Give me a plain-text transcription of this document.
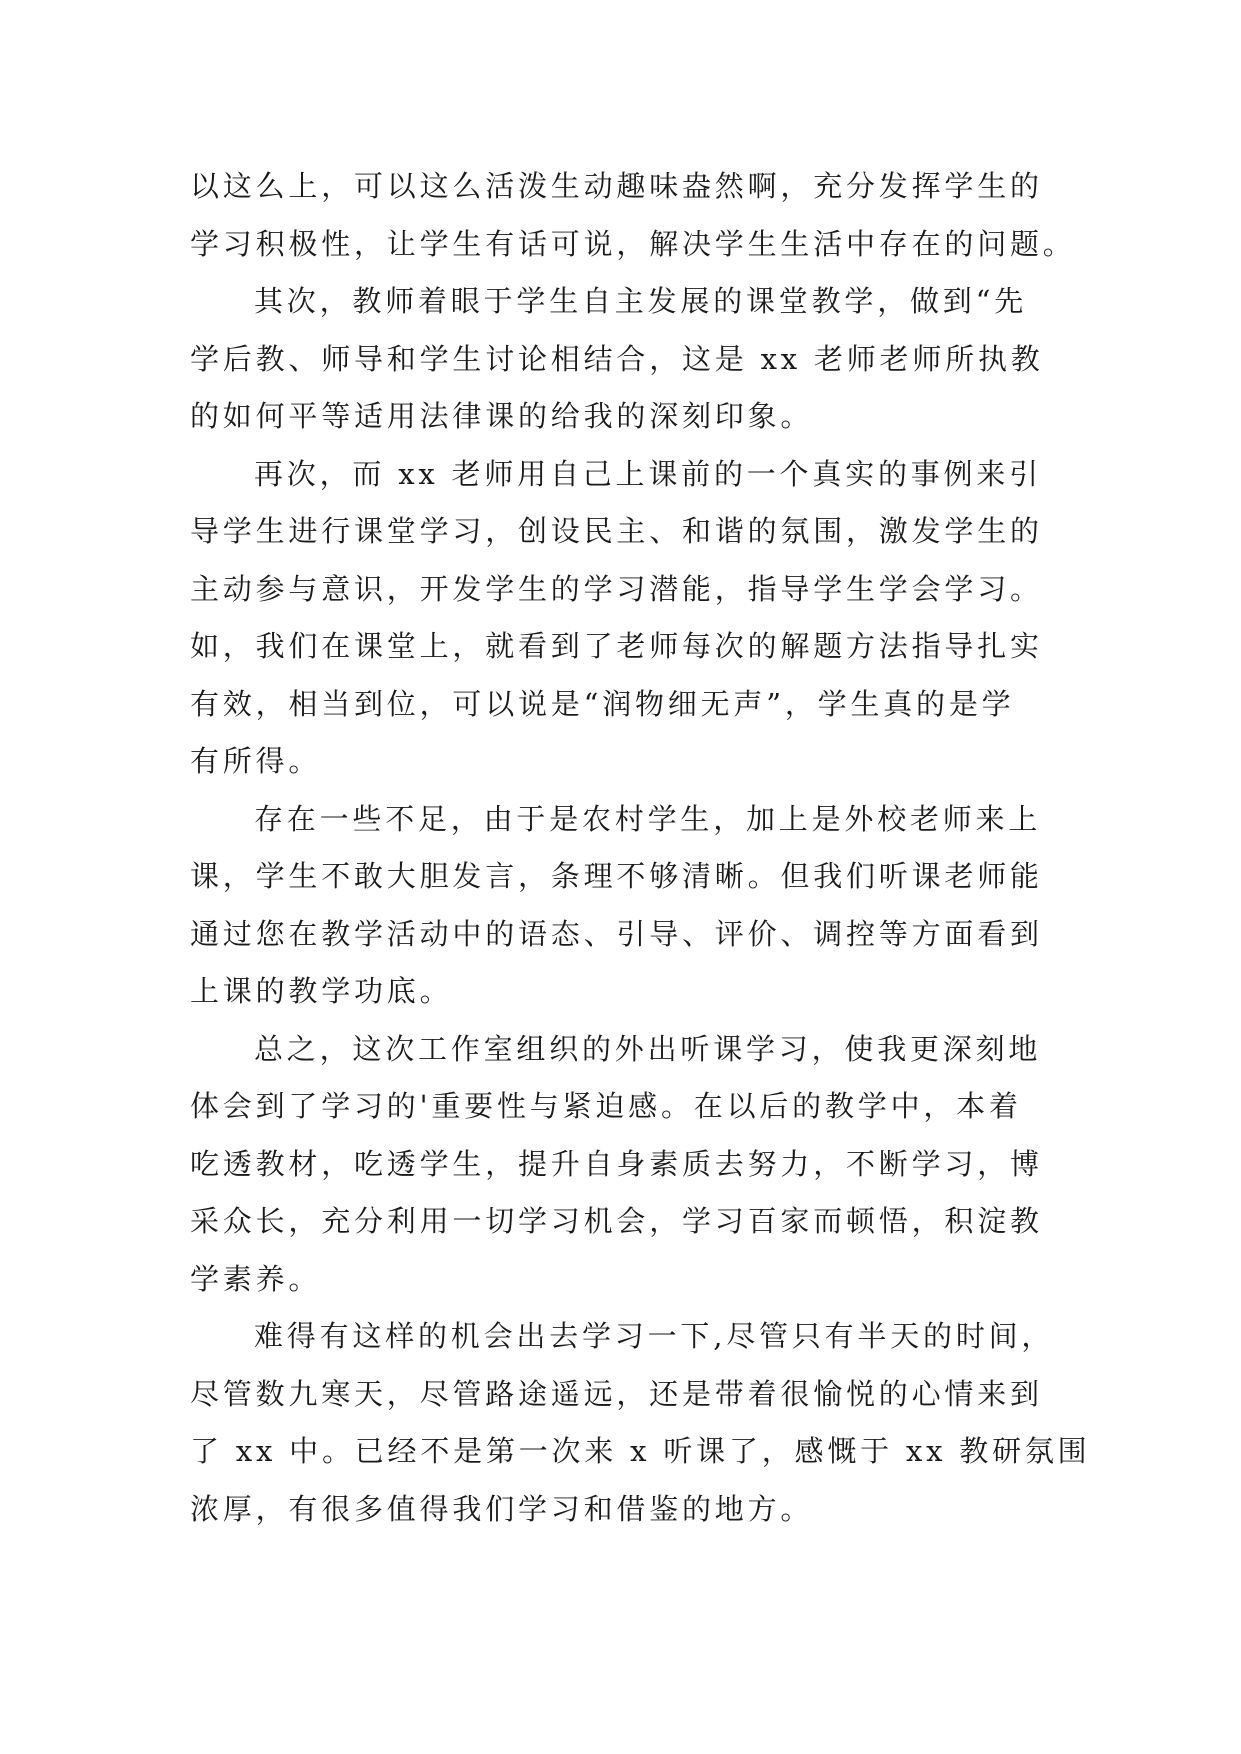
以这么上，可以这么活泼生动趣味盎然啊，充分发挥学生的
学习积极性，让学生有话可说，解决学生生活中存在的问题。
其次，教师着眼于学生自主发展的课堂教学，做到“先
学后教、师导和学生讨论相结合，这是 xx 老师老师所执教
的如何平等适用法律课的给我的深刻印象。
再次，而 xx 老师用自己上课前的一个真实的事例来引
导学生进行课堂学习，创设民主、和谐的氛围，激发学生的
主动参与意识，开发学生的学习潜能，指导学生学会学习。
如，我们在课堂上，就看到了老师每次的解题方法指导扎实
有效，相当到位，可以说是“润物细无声”，学生真的是学
有所得。
存在一些不足，由于是农村学生，加上是外校老师来上
课，学生不敢大胆发言，条理不够清晰。但我们听课老师能
通过您在教学活动中的语态、引导、评价、调控等方面看到
上课的教学功底。
总之，这次工作室组织的外出听课学习，使我更深刻地
体会到了学习的'重要性与紧迫感。在以后的教学中，本着
吃透教材，吃透学生，提升自身素质去努力，不断学习，博
采众长，充分利用一切学习机会，学习百家而顿悟，积淀教
学素养。
难得有这样的机会出去学习一下,尽管只有半天的时间，
尽管数九寒天，尽管路途遥远，还是带着很愉悦的心情来到
了 xx 中。已经不是第一次来 x 听课了，感慨于 xx 教研氛围
浓厚，有很多值得我们学习和借鉴的地方。
